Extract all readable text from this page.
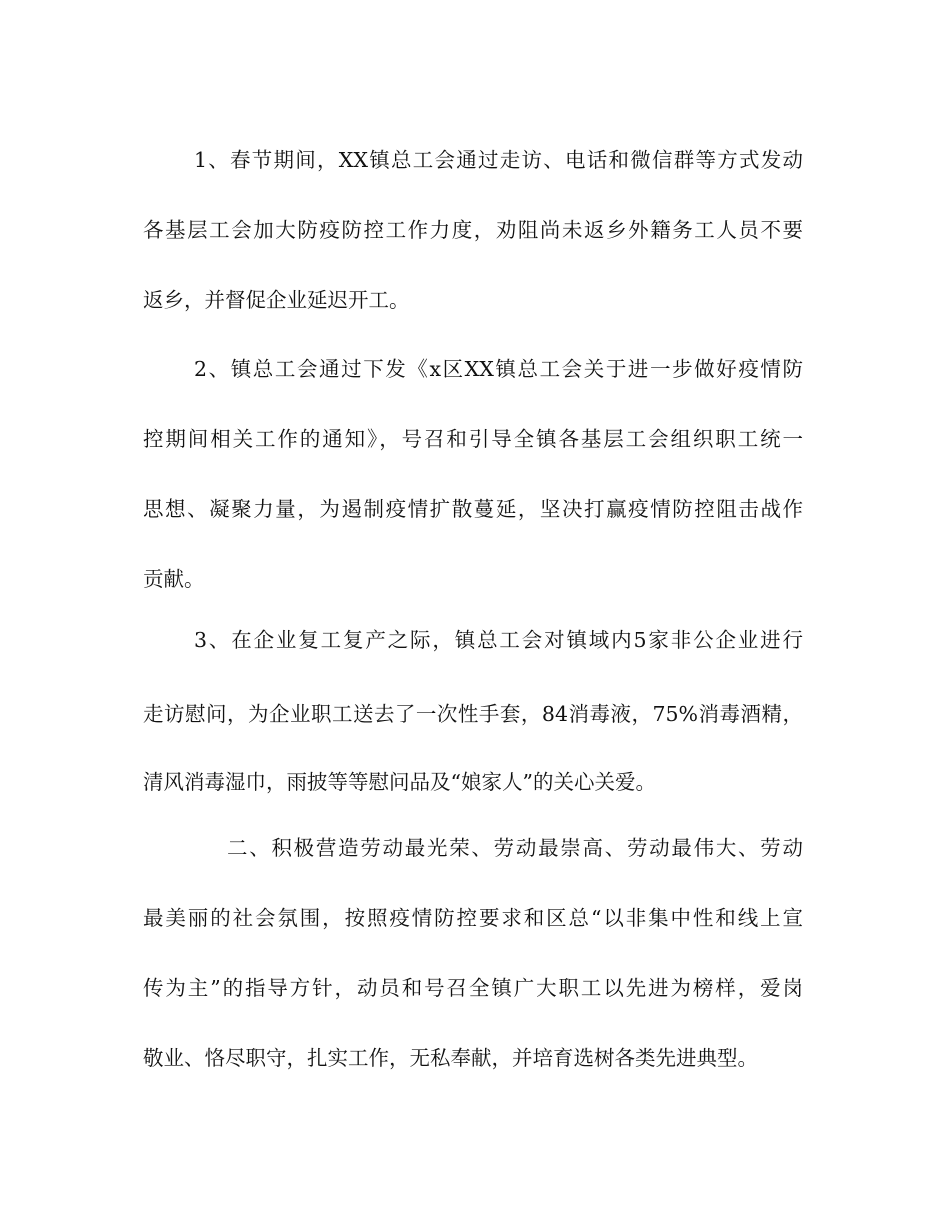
1、春节期间，XX镇总工会通过走访、电话和微信群等方式发动

各基层工会加大防疫防控工作力度，劝阻尚未返乡外籍务工人员不要

返乡，并督促企业延迟开工。

2、镇总工会通过下发《x区XX镇总工会关于进一步做好疫情防

控期间相关工作的通知》，号召和引导全镇各基层工会组织职工统一

思想、凝聚力量，为遏制疫情扩散蔓延，坚决打赢疫情防控阻击战作

贡献。

3、在企业复工复产之际，镇总工会对镇域内5家非公企业进行

走访慰问，为企业职工送去了一次性手套，84消毒液，75%消毒酒精，

清风消毒湿巾，雨披等等慰问品及“娘家人”的关心关爱。

二、积极营造劳动最光荣、劳动最崇高、劳动最伟大、劳动

最美丽的社会氛围，按照疫情防控要求和区总“以非集中性和线上宣

传为主”的指导方针，动员和号召全镇广大职工以先进为榜样，爱岗

敬业、恪尽职守，扎实工作，无私奉献，并培育选树各类先进典型。
